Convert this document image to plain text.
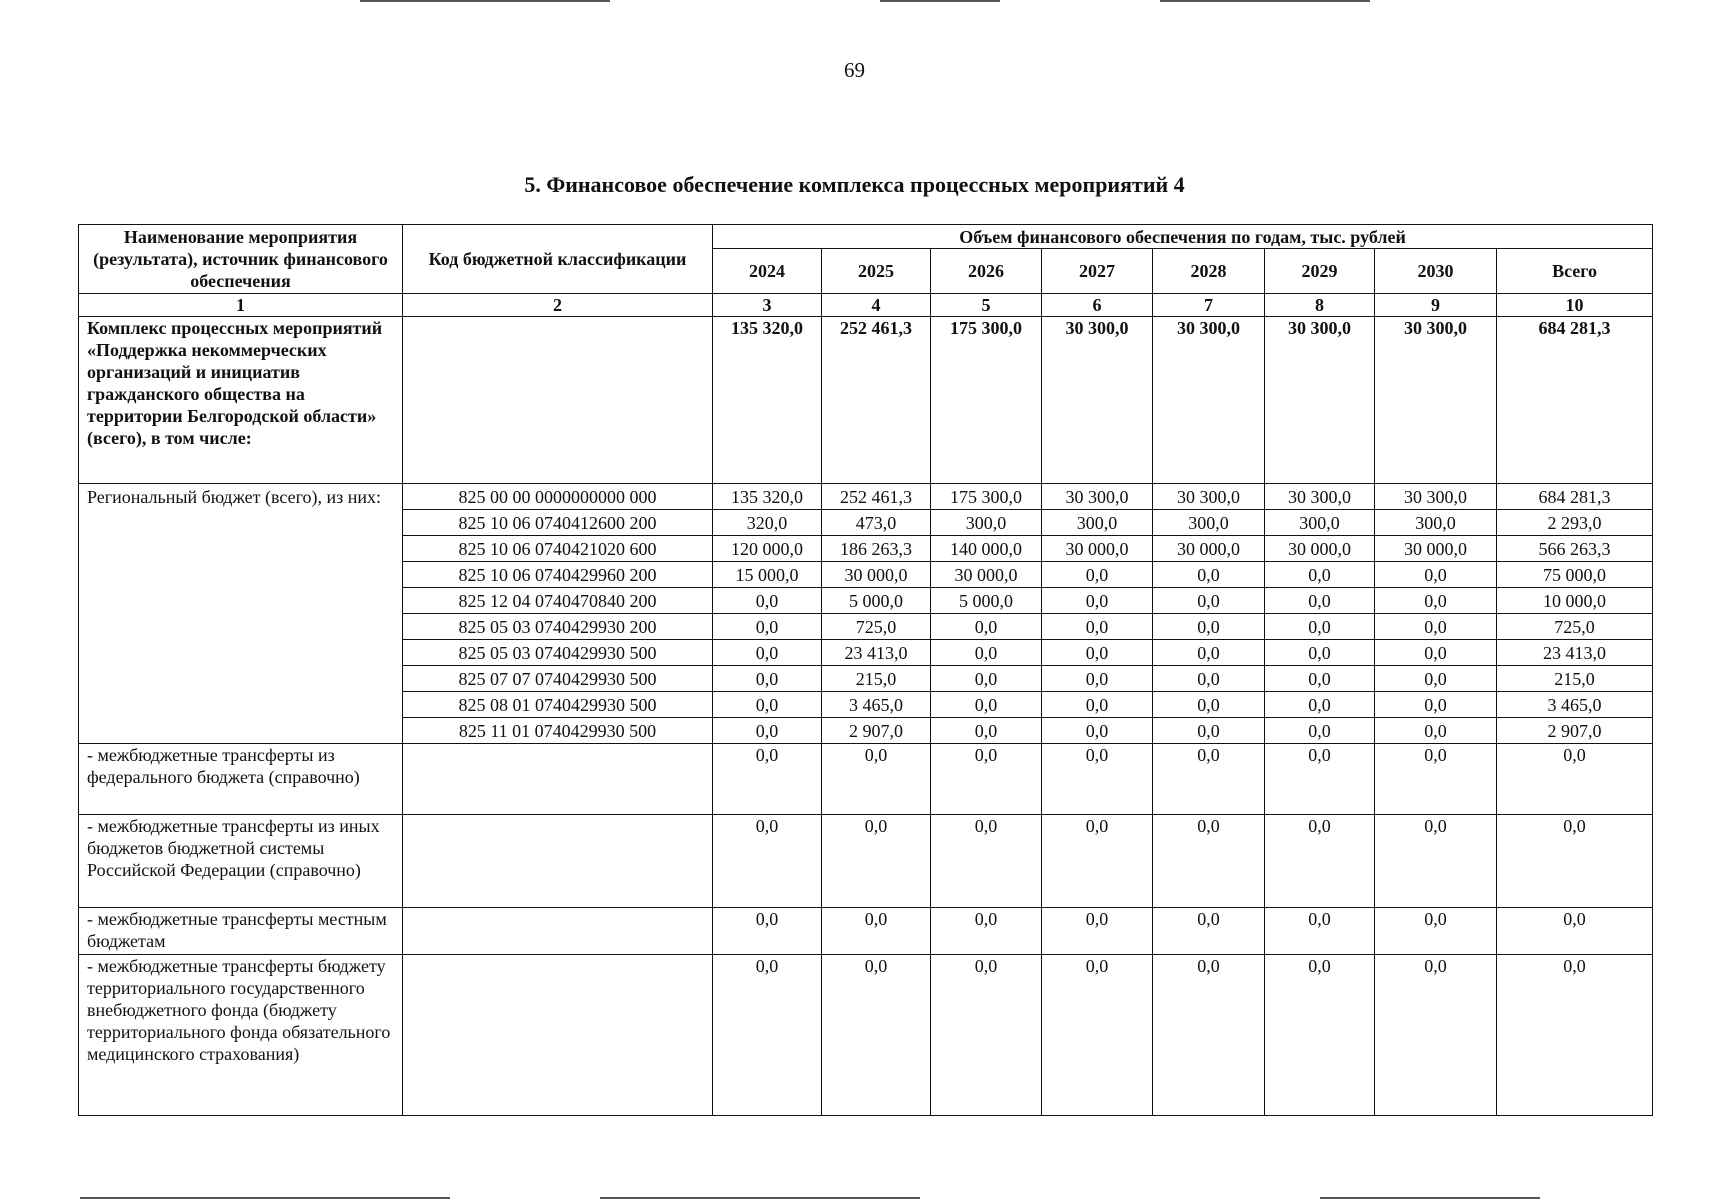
69
5. Финансовое обеспечение комплекса процессных мероприятий 4
Наименование мероприятия (результата), источник финансового обеспечения	Код бюджетной классификации	Объем финансового обеспечения по годам, тыс. рублей							
		2024	2025	2026	2027	2028	2029	2030	Всего
1	2	3	4	5	6	7	8	9	10
Комплекс процессных мероприятий «Поддержка некоммерческих организаций и инициатив гражданского общества на территории Белгородской области» (всего), в том числе:		135 320,0	252 461,3	175 300,0	30 300,0	30 300,0	30 300,0	30 300,0	684 281,3
Региональный бюджет (всего), из них:	825 00 00 0000000000 000	135 320,0	252 461,3	175 300,0	30 300,0	30 300,0	30 300,0	30 300,0	684 281,3
	825 10 06 0740412600 200	320,0	473,0	300,0	300,0	300,0	300,0	300,0	2 293,0
	825 10 06 0740421020 600	120 000,0	186 263,3	140 000,0	30 000,0	30 000,0	30 000,0	30 000,0	566 263,3
	825 10 06 0740429960 200	15 000,0	30 000,0	30 000,0	0,0	0,0	0,0	0,0	75 000,0
	825 12 04 0740470840 200	0,0	5 000,0	5 000,0	0,0	0,0	0,0	0,0	10 000,0
	825 05 03 0740429930 200	0,0	725,0	0,0	0,0	0,0	0,0	0,0	725,0
	825 05 03 0740429930 500	0,0	23 413,0	0,0	0,0	0,0	0,0	0,0	23 413,0
	825 07 07 0740429930 500	0,0	215,0	0,0	0,0	0,0	0,0	0,0	215,0
	825 08 01 0740429930 500	0,0	3 465,0	0,0	0,0	0,0	0,0	0,0	3 465,0
	825 11 01 0740429930 500	0,0	2 907,0	0,0	0,0	0,0	0,0	0,0	2 907,0
- межбюджетные трансферты из федерального бюджета (справочно)		0,0	0,0	0,0	0,0	0,0	0,0	0,0	0,0
- межбюджетные трансферты из иных бюджетов бюджетной системы Российской Федерации (справочно)		0,0	0,0	0,0	0,0	0,0	0,0	0,0	0,0
- межбюджетные трансферты местным бюджетам		0,0	0,0	0,0	0,0	0,0	0,0	0,0	0,0
- межбюджетные трансферты бюджету территориального государственного внебюджетного фонда (бюджету территориального фонда обязательного медицинского страхования)		0,0	0,0	0,0	0,0	0,0	0,0	0,0	0,0
